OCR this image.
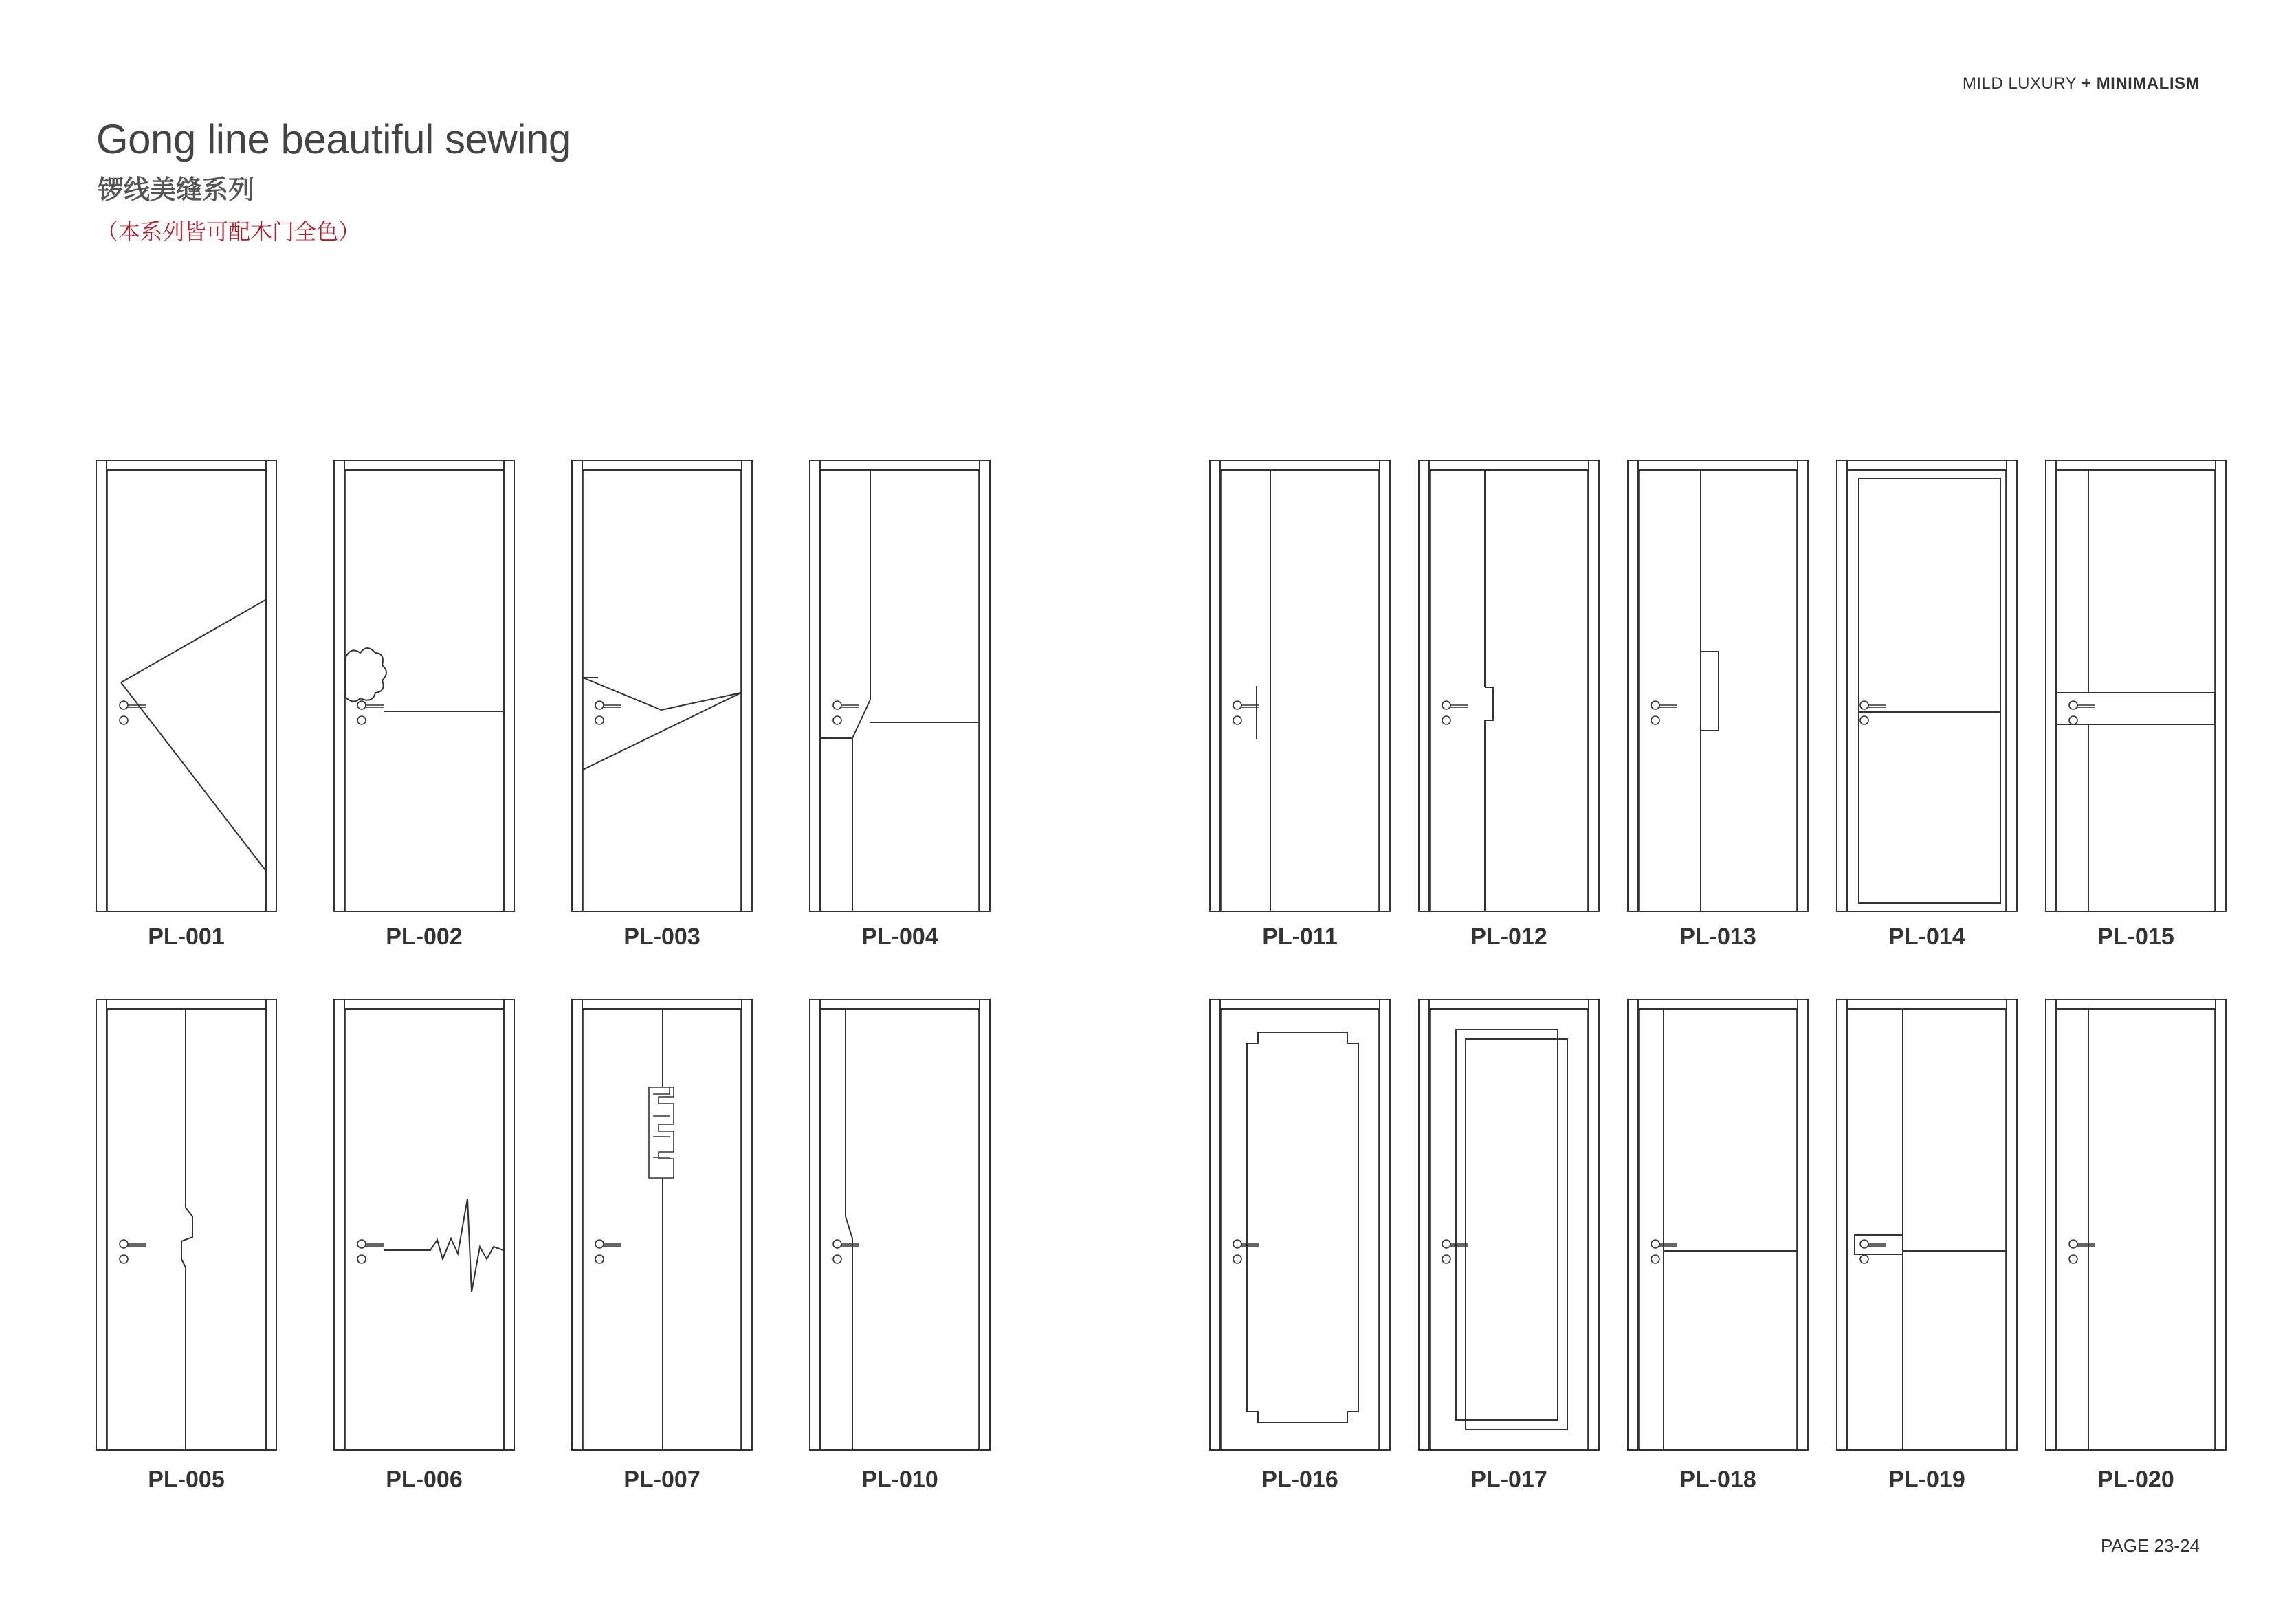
MILD LUXURY + MINIMALISM
Gong line beautiful sewing
锣线美缝系列
（本系列皆可配木门全色）
PL-001	PL-002	PL-003	PL-004	PL-011	PL-012	PL-013	PL-014	PL-015
PL-005	PL-006	PL-007	PL-010	PL-016	PL-017	PL-018	PL-019	PL-020
PAGE 23-24
